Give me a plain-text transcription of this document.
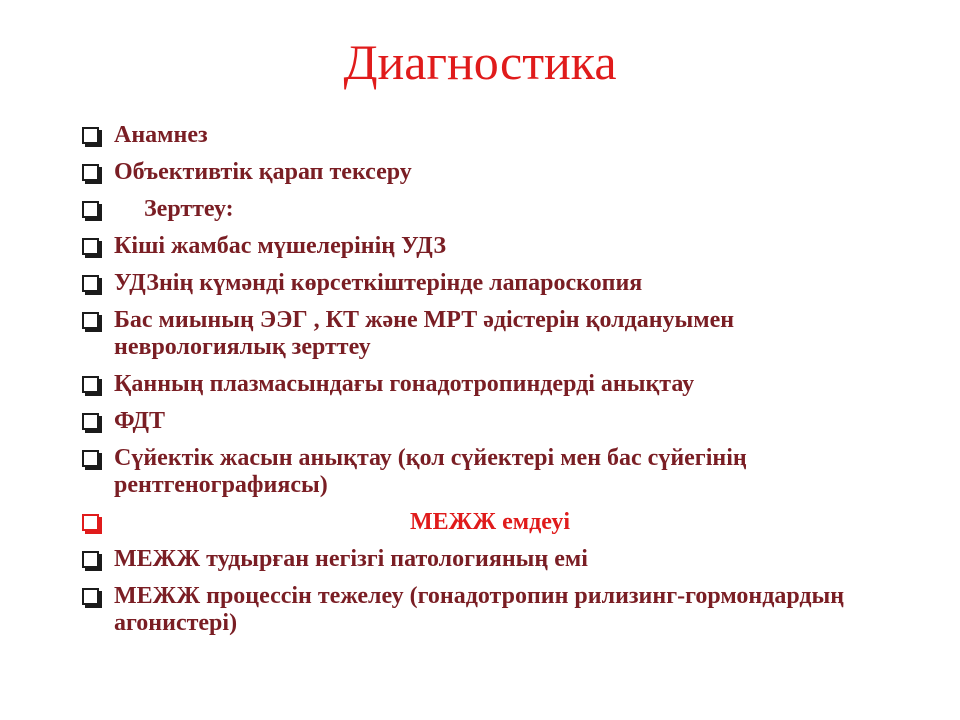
Диагностика
Анамнез
Объективтік қарап тексеру
Зерттеу:
Кіші жамбас мүшелерінің УДЗ
УДЗнің күмәнді көрсеткіштерінде лапароскопия
Бас миының ЭЭГ , КТ және МРТ әдістерін қолдануымен неврологиялық зерттеу
Қанның плазмасындағы гонадотропиндерді анықтау
ФДТ
Сүйектік жасын анықтау (қол сүйектері мен бас сүйегінің рентгенографиясы)
МЕЖЖ емдеуі
МЕЖЖ тудырған негізгі патологияның емі
МЕЖЖ процессін тежелеу (гонадотропин рилизинг-гормондардың агонистері)
